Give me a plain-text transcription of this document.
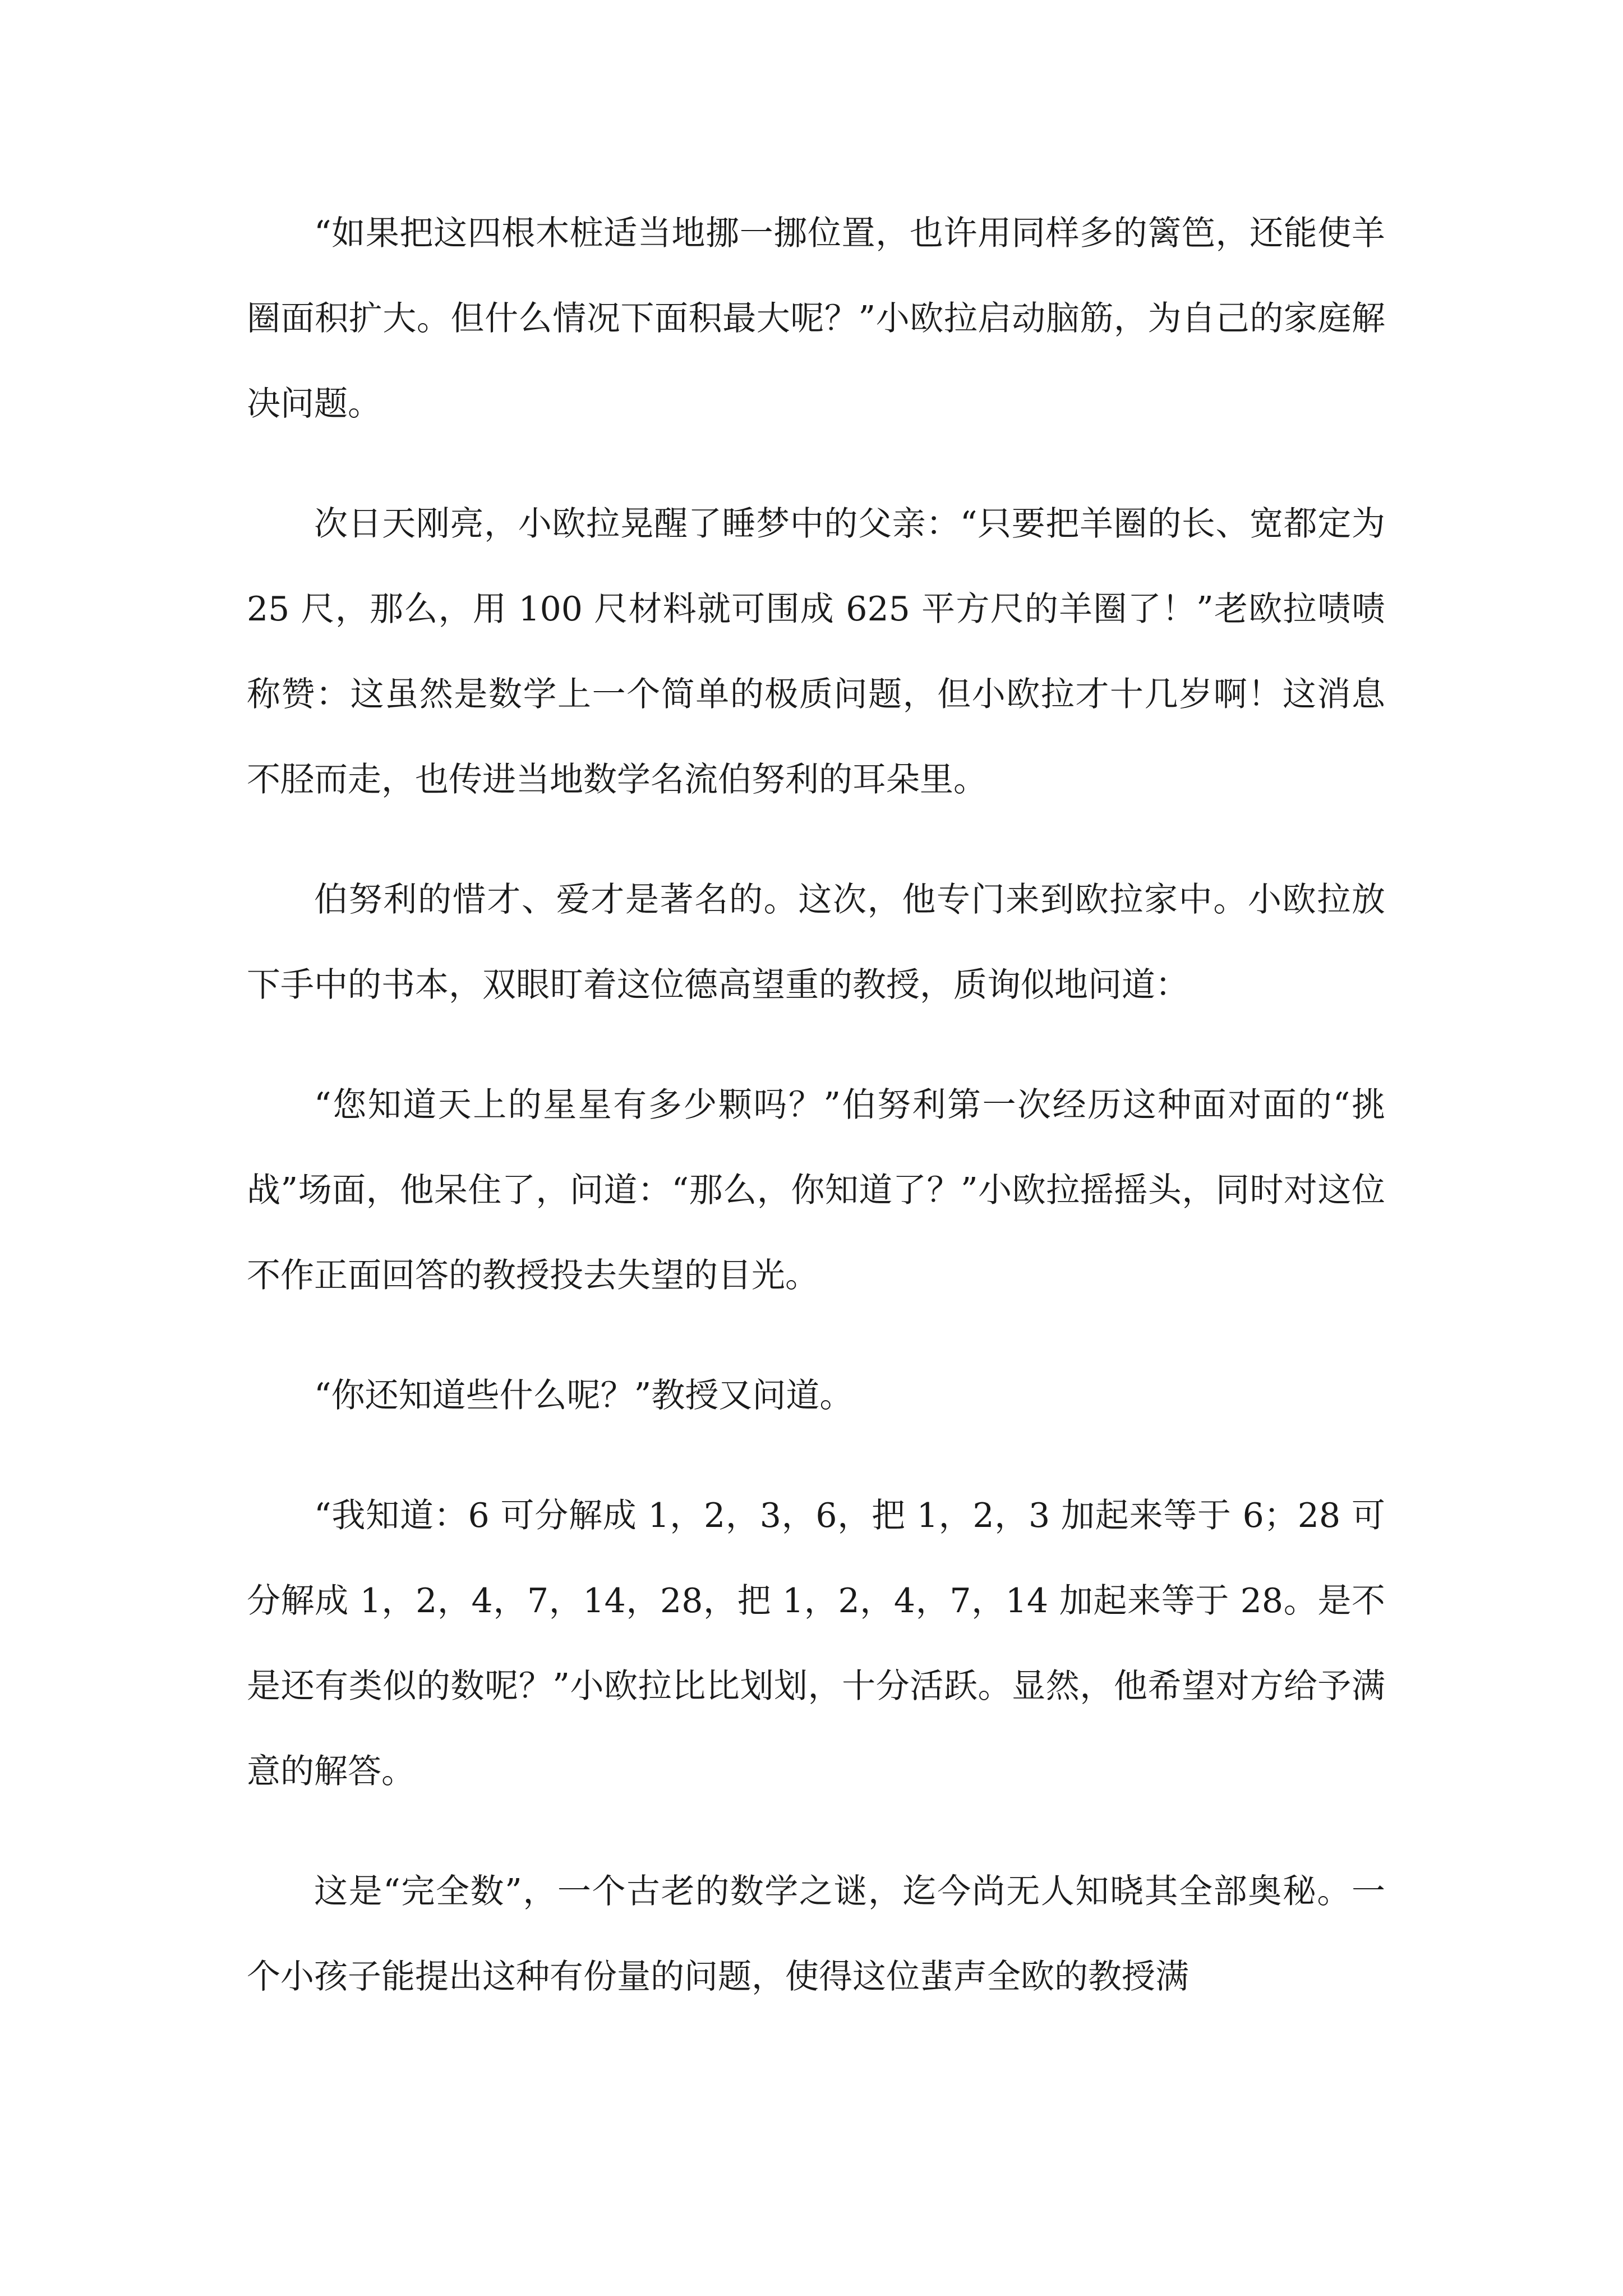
“如果把这四根木桩适当地挪一挪位置，也许用同样多的篱笆，还能使羊圈面积扩大。但什么情况下面积最大呢？”小欧拉启动脑筋，为自己的家庭解决问题。

次日天刚亮，小欧拉晃醒了睡梦中的父亲：“只要把羊圈的长、宽都定为 25 尺，那么，用 100 尺材料就可围成 625 平方尺的羊圈了！”老欧拉啧啧称赞：这虽然是数学上一个简单的极质问题，但小欧拉才十几岁啊！这消息不胫而走，也传进当地数学名流伯努利的耳朵里。

伯努利的惜才、爱才是著名的。这次，他专门来到欧拉家中。小欧拉放下手中的书本，双眼盯着这位德高望重的教授，质询似地问道：

“您知道天上的星星有多少颗吗？”伯努利第一次经历这种面对面的“挑战”场面，他呆住了，问道：“那么，你知道了？”小欧拉摇摇头，同时对这位不作正面回答的教授投去失望的目光。

“你还知道些什么呢？”教授又问道。

“我知道：6 可分解成 1，2，3，6，把 1，2，3 加起来等于 6；28 可分解成 1，2，4，7，14，28，把 1，2，4，7，14 加起来等于 28。是不是还有类似的数呢？”小欧拉比比划划，十分活跃。显然，他希望对方给予满意的解答。

这是“完全数”，一个古老的数学之谜，迄今尚无人知晓其全部奥秘。一个小孩子能提出这种有份量的问题，使得这位蜚声全欧的教授满
